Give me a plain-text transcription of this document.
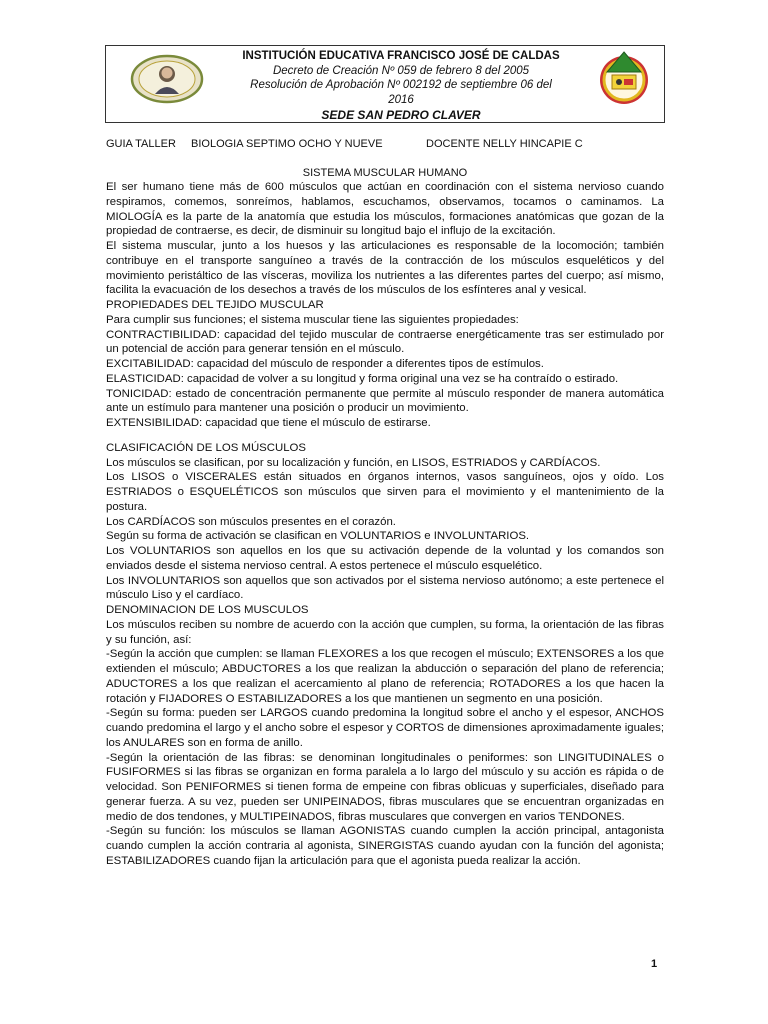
INSTITUCIÓN EDUCATIVA FRANCISCO JOSÉ DE CALDAS
Decreto de Creación Nº 059 de febrero 8 del 2005
Resolución de Aprobación Nº 002192 de septiembre 06 del 2016
SEDE SAN PEDRO CLAVER
GUIA TALLER BIOLOGIA SEPTIMO OCHO Y NUEVE	DOCENTE NELLY HINCAPIE C
SISTEMA MUSCULAR HUMANO

El ser humano tiene más de 600 músculos que actúan en coordinación con el sistema nervioso cuando respiramos, comemos, sonreímos, hablamos, escuchamos, observamos, tocamos o caminamos. La MIOLOGÍA es la parte de la anatomía que estudia los músculos, formaciones anatómicas que gozan de la propiedad de contraerse, es decir, de disminuir su longitud bajo el influjo de la excitación.

El sistema muscular, junto a los huesos y las articulaciones es responsable de la locomoción; también contribuye en el transporte sanguíneo a través de la contracción de los músculos esqueléticos y del movimiento peristáltico de las vísceras, moviliza los nutrientes a las diferentes partes del cuerpo; así mismo, facilita la evacuación de los desechos a través de los músculos de los esfínteres anal y vesical.

PROPIEDADES DEL TEJIDO MUSCULAR

Para cumplir sus funciones; el sistema muscular tiene las siguientes propiedades:

CONTRACTIBILIDAD: capacidad del tejido muscular de contraerse energéticamente tras ser estimulado por un potencial de acción para generar tensión en el músculo.

EXCITABILIDAD: capacidad del músculo de responder a diferentes tipos de estímulos.

ELASTICIDAD: capacidad de volver a su longitud y forma original una vez se ha contraído o estirado.

TONICIDAD: estado de concentración permanente que permite al músculo responder de manera automática ante un estímulo para mantener una posición o producir un movimiento.

EXTENSIBILIDAD: capacidad que tiene el músculo de estirarse.

CLASIFICACIÓN DE LOS MÚSCULOS

Los músculos se clasifican, por su localización y función, en LISOS, ESTRIADOS y CARDÍACOS.

Los LISOS o VISCERALES están situados en órganos internos, vasos sanguíneos, ojos y oído. Los ESTRIADOS o ESQUELÉTICOS son músculos que sirven para el movimiento y el mantenimiento de la postura.

Los CARDÍACOS son músculos presentes en el corazón.

Según su forma de activación se clasifican en VOLUNTARIOS e INVOLUNTARIOS.

Los VOLUNTARIOS son aquellos en los que su activación depende de la voluntad y los comandos son enviados desde el sistema nervioso central. A estos pertenece el músculo esquelético.

Los INVOLUNTARIOS son aquellos que son activados por el sistema nervioso autónomo; a este pertenece el músculo Liso y el cardíaco.

DENOMINACION DE LOS MUSCULOS

Los músculos reciben su nombre de acuerdo con la acción que cumplen, su forma, la orientación de las fibras y su función, así:

-Según la acción que cumplen: se llaman FLEXORES a los que recogen el músculo; EXTENSORES a los que extienden el músculo; ABDUCTORES a los que realizan la abducción o separación del plano de referencia; ADUCTORES a los que realizan el acercamiento al plano de referencia; ROTADORES a los que hacen la rotación y FIJADORES O ESTABILIZADORES a los que mantienen un segmento en una posición.

-Según su forma: pueden ser LARGOS cuando predomina la longitud sobre el ancho y el espesor, ANCHOS cuando predomina el largo y el ancho sobre el espesor y CORTOS de dimensiones aproximadamente iguales; los ANULARES son en forma de anillo.

-Según la orientación de las fibras: se denominan longitudinales o peniformes: son LINGITUDINALES o FUSIFORMES si las fibras se organizan en forma paralela a lo largo del músculo y su acción es rápida o de velocidad. Son PENIFORMES si tienen forma de empeine con fibras oblicuas y superficiales, diseñado para generar fuerza. A su vez, pueden ser UNIPEINADOS, fibras musculares que se encuentran organizadas en medio de dos tendones, y MULTIPEINADOS, fibras musculares que convergen en varios TENDONES.

-Según su función: los músculos se llaman AGONISTAS cuando cumplen la acción principal, antagonista cuando cumplen la acción contraria al agonista, SINERGISTAS cuando ayudan con la función del agonista; ESTABILIZADORES cuando fijan la articulación para que el agonista pueda realizar la acción.

1
